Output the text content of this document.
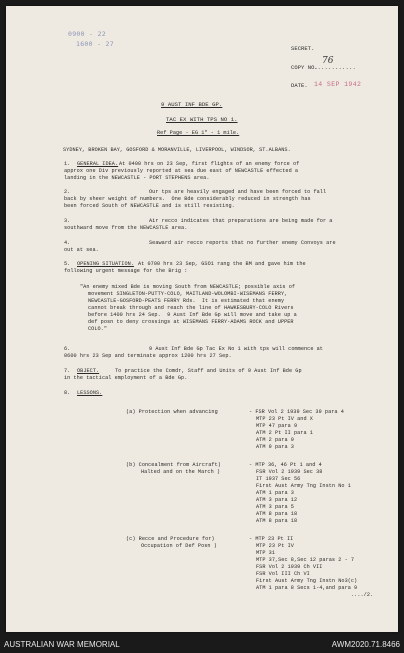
0900 - 22
1600 - 27
SECRET.
COPY NO.
............
76
DATE. 14 SEP 1942
9 AUST INF BDE GP.
TAC EX WITH TPS NO 1.
Ref Page - EG 1" - 1 mile.
SYDNEY, BROKEN BAY, GOSFORD & MORANVILLE, LIVERPOOL, WINDSOR, ST.ALBANS.
1. GENERAL IDEA. At 0400 hrs on 23 Sep, first flights of an enemy force of
approx one Div previously reported at sea due east of NEWCASTLE effected a
landing in the NEWCASTLE - PORT STEPHENS area.
2.	Our tps are heavily engaged and have been forced to fall
back by sheer weight of numbers.  One Bde considerably reduced in strength has
been forced South of NEWCASTLE and is still resisting.
3.	Air recco indicates that preparations are being made for a
southward move from the NEWCASTLE area.
4.	Seaward air recco reports that no further enemy Convoys are
out at sea.
5. OPENING SITUATION. At 0700 hrs 23 Sep, GSO1 rang the BM and gave him the
following urgent message for the Brig :
"An enemy mixed Bde is moving South from NEWCASTLE; possible axis of
movement SINGLETON-PUTTY-COLO, MAITLAND-WOLOMBI-WISEMANS FERRY,
NEWCASTLE-GOSFORD-PEATS FERRY Rds.  It is estimated that enemy
cannot break through and reach the line of HAWKESBURY-COLO Rivers
before 1400 hrs 24 Sep.  9 Aust Inf Bde Gp will move and take up a
def posn to deny crossings at WISEMANS FERRY-ADAMS ROCK and UPPER
COLO."
6.	9 Aust Inf Bde Gp Tac Ex No 1 with tps will commence at
0600 hrs 23 Sep and terminate approx 1200 hrs 27 Sep.
7. OBJECT.	To practice the Comdr, Staff and Units of 9 Aust Inf Bde Gp
in the tactical employment of a Bde Gp.
8. LESSONS.
(a) Protection when advancing	- FSR Vol 2 1939 Sec 39 para 4
MTP 23 Pt IV and X
MTP 47 para 9
ATM 2 Pt II para 1
ATM 2 para 9
ATM 9 para 3
(b) Concealment from Aircraft)
Halted and on the March )
- MTP 36, 46 Pt 1 and 4
FSR Vol 2 1939 Sec 38
IT 1937 Sec 56
First Aust Army Tng Instn No 1
ATM 1 para 3
ATM 3 para 12
ATM 3 para 5
ATM 8 para 18
ATM 8 para 18
(c) Recce and Procedure for)
Occupation of Def Posn )
- MTP 23 Pt II
MTP 23 Pt IV
MTP 31
MTP 37,Sec 8,Sec 12 paras 2 - 7
FSR Vol 2 1939 Ch VII
FSR Vol III Ch VI
First Aust Army Tng Instn No3(c)
ATM 1 para 8 Secs 1-4,and para 9
..../2.
AUSTRALIAN WAR MEMORIAL	AWM2020.71.8466
